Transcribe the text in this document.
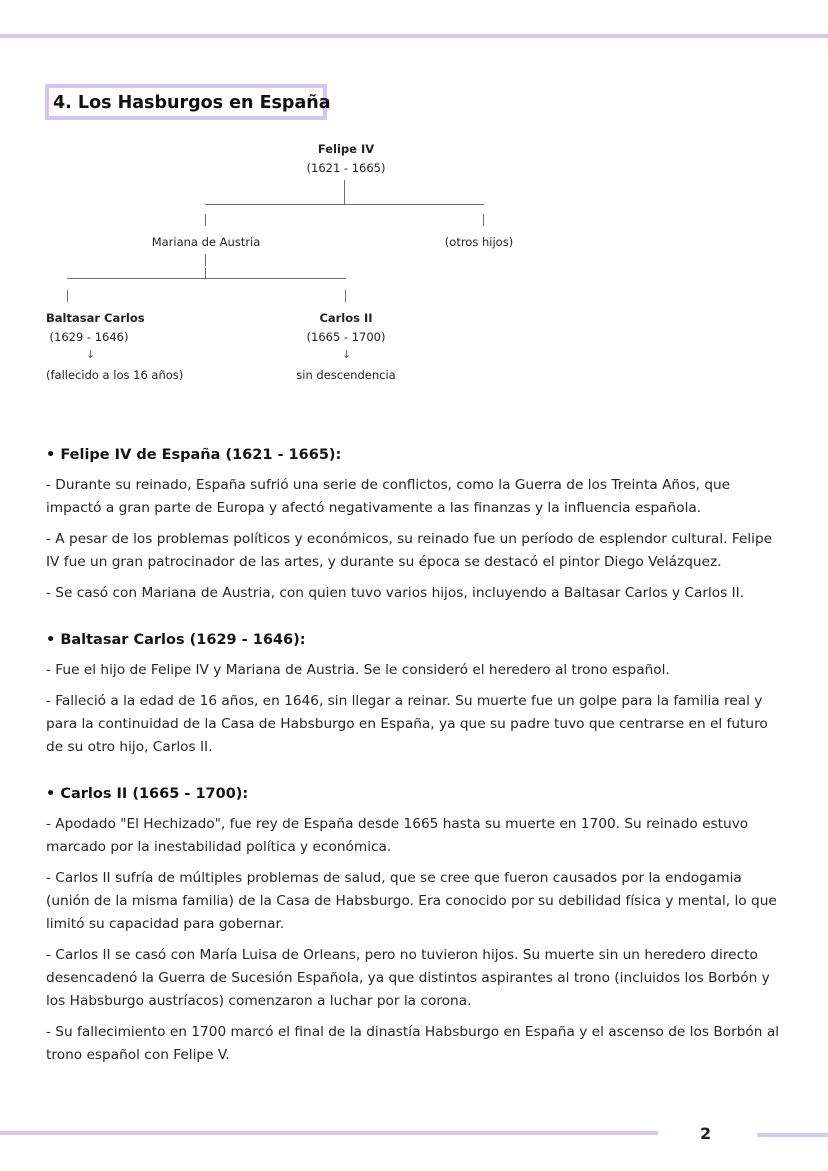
4. Los Hasburgos en España
Felipe IV
(1621 - 1665)
Mariana de Austria	(otros hijos)
Baltasar Carlos
(1629 - 1646)
↓
(fallecido a los 16 años)
Carlos II
(1665 - 1700)
↓
sin descendencia
• Felipe IV de España (1621 - 1665):

- Durante su reinado, España sufrió una serie de conflictos, como la Guerra de los Treinta Años, que impactó a gran parte de Europa y afectó negativamente a las finanzas y la influencia española.

- A pesar de los problemas políticos y económicos, su reinado fue un período de esplendor cultural. Felipe IV fue un gran patrocinador de las artes, y durante su época se destacó el pintor Diego Velázquez.

- Se casó con Mariana de Austria, con quien tuvo varios hijos, incluyendo a Baltasar Carlos y Carlos II.

• Baltasar Carlos (1629 - 1646):

- Fue el hijo de Felipe IV y Mariana de Austria. Se le consideró el heredero al trono español.

- Falleció a la edad de 16 años, en 1646, sin llegar a reinar. Su muerte fue un golpe para la familia real y para la continuidad de la Casa de Habsburgo en España, ya que su padre tuvo que centrarse en el futuro de su otro hijo, Carlos II.

• Carlos II (1665 - 1700):

- Apodado "El Hechizado", fue rey de España desde 1665 hasta su muerte en 1700. Su reinado estuvo marcado por la inestabilidad política y económica.

- Carlos II sufría de múltiples problemas de salud, que se cree que fueron causados por la endogamia (unión de la misma familia) de la Casa de Habsburgo. Era conocido por su debilidad física y mental, lo que limitó su capacidad para gobernar.

- Carlos II se casó con María Luisa de Orleans, pero no tuvieron hijos. Su muerte sin un heredero directo desencadenó la Guerra de Sucesión Española, ya que distintos aspirantes al trono (incluidos los Borbón y los Habsburgo austríacos) comenzaron a luchar por la corona.

- Su fallecimiento en 1700 marcó el final de la dinastía Habsburgo en España y el ascenso de los Borbón al trono español con Felipe V.

2
